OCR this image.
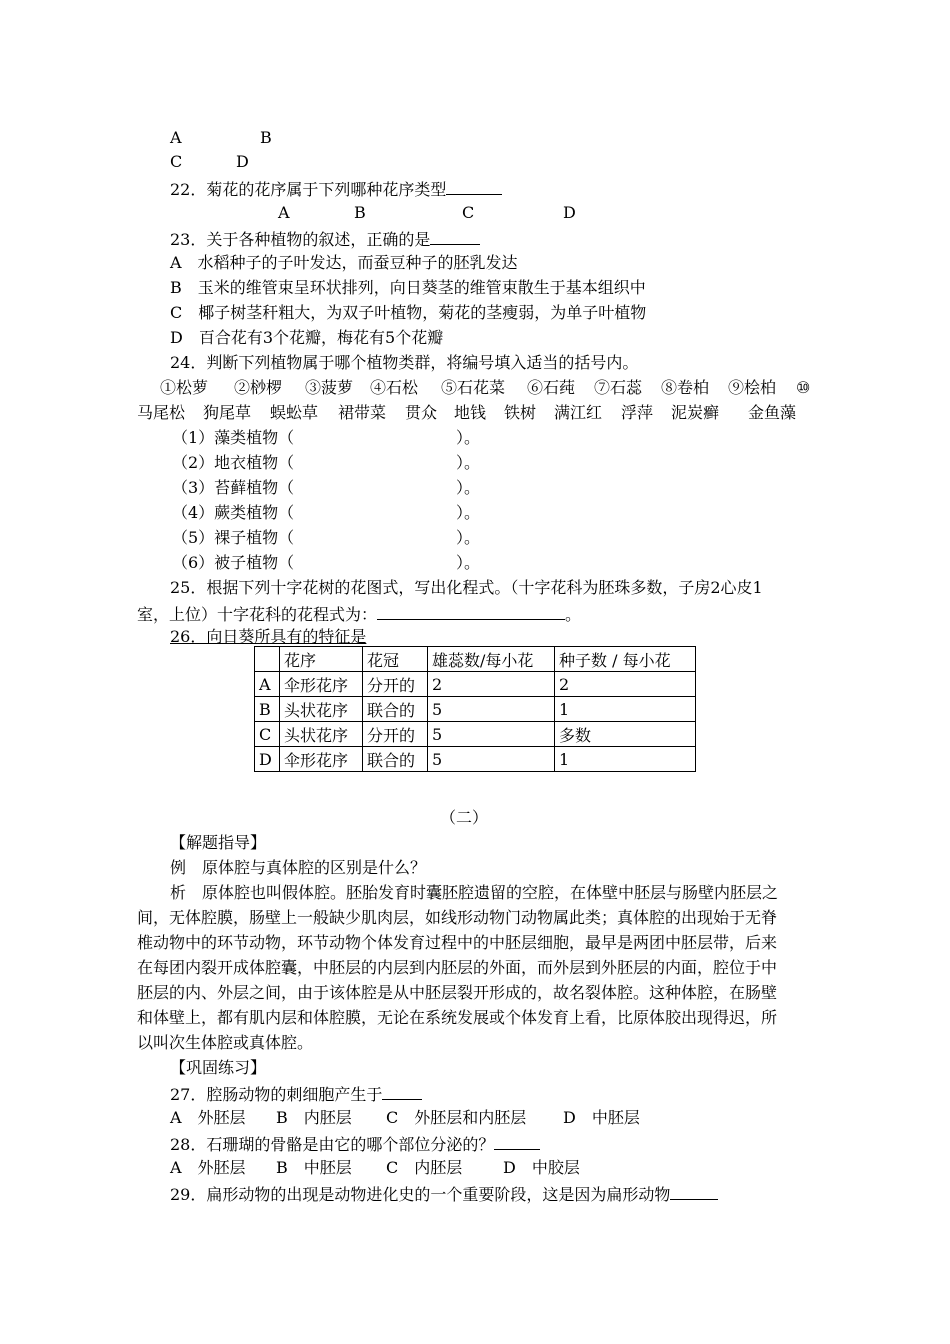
A	B
C	D
22．菊花的花序属于下列哪种花序类型
A	B	C	D
23．关于各种植物的叙述，正确的是
A　水稻种子的子叶发达，而蚕豆种子的胚乳发达
B　玉米的维管束呈环状排列，向日葵茎的维管束散生于基本组织中
C　椰子树茎秆粗大，为双子叶植物，菊花的茎瘦弱，为单子叶植物
D　百合花有3个花瓣，梅花有5个花瓣
24．判断下列植物属于哪个植物类群，将编号填入适当的括号内。
①松萝 ②桫椤 ③菠萝 ④石松 ⑤石花菜 ⑥石莼 ⑦石蕊 ⑧卷柏 ⑨桧柏 ⑩
马尾松 狗尾草 蜈蚣草 裙带菜 贯众 地钱 铁树 满江红 浮萍 泥炭癣 金鱼藻
（1）藻类植物（	）。
（2）地衣植物（	）。
（3）苔藓植物（	）。
（4）蕨类植物（	）。
（5）裸子植物（	）。
（6）被子植物（	）。
25．根据下列十字花树的花图式，写出化程式。（十字花科为胚珠多数，子房2心皮1
室，上位）十字花科的花程式为：	。
26．向日葵所具有的特征是
	花序	花冠	雄蕊数/每小花	种子数 / 每小花
A	伞形花序	分开的	2	2
B	头状花序	联合的	5	1
C	头状花序	分开的	5	多数
D	伞形花序	联合的	5	1
（二）
【解题指导】
例　原体腔与真体腔的区别是什么？
析　原体腔也叫假体腔。胚胎发育时囊胚腔遗留的空腔，在体壁中胚层与肠壁内胚层之
间，无体腔膜，肠壁上一般缺少肌肉层，如线形动物门动物属此类；真体腔的出现始于无脊
椎动物中的环节动物，环节动物个体发育过程中的中胚层细胞，最早是两团中胚层带，后来
在每团内裂开成体腔囊，中胚层的内层到内胚层的外面，而外层到外胚层的内面，腔位于中
胚层的内、外层之间，由于该体腔是从中胚层裂开形成的，故名裂体腔。这种体腔，在肠壁
和体壁上，都有肌内层和体腔膜，无论在系统发展或个体发育上看，比原体胶出现得迟，所
以叫次生体腔或真体腔。
【巩固练习】
27．腔肠动物的刺细胞产生于
A　外胚层 B　内胚层 C　外胚层和内胚层 D　中胚层
28．石珊瑚的骨骼是由它的哪个部位分泌的？
A　外胚层 B　中胚层 C　内胚层	D　中胶层
29．扁形动物的出现是动物进化史的一个重要阶段，这是因为扁形动物
